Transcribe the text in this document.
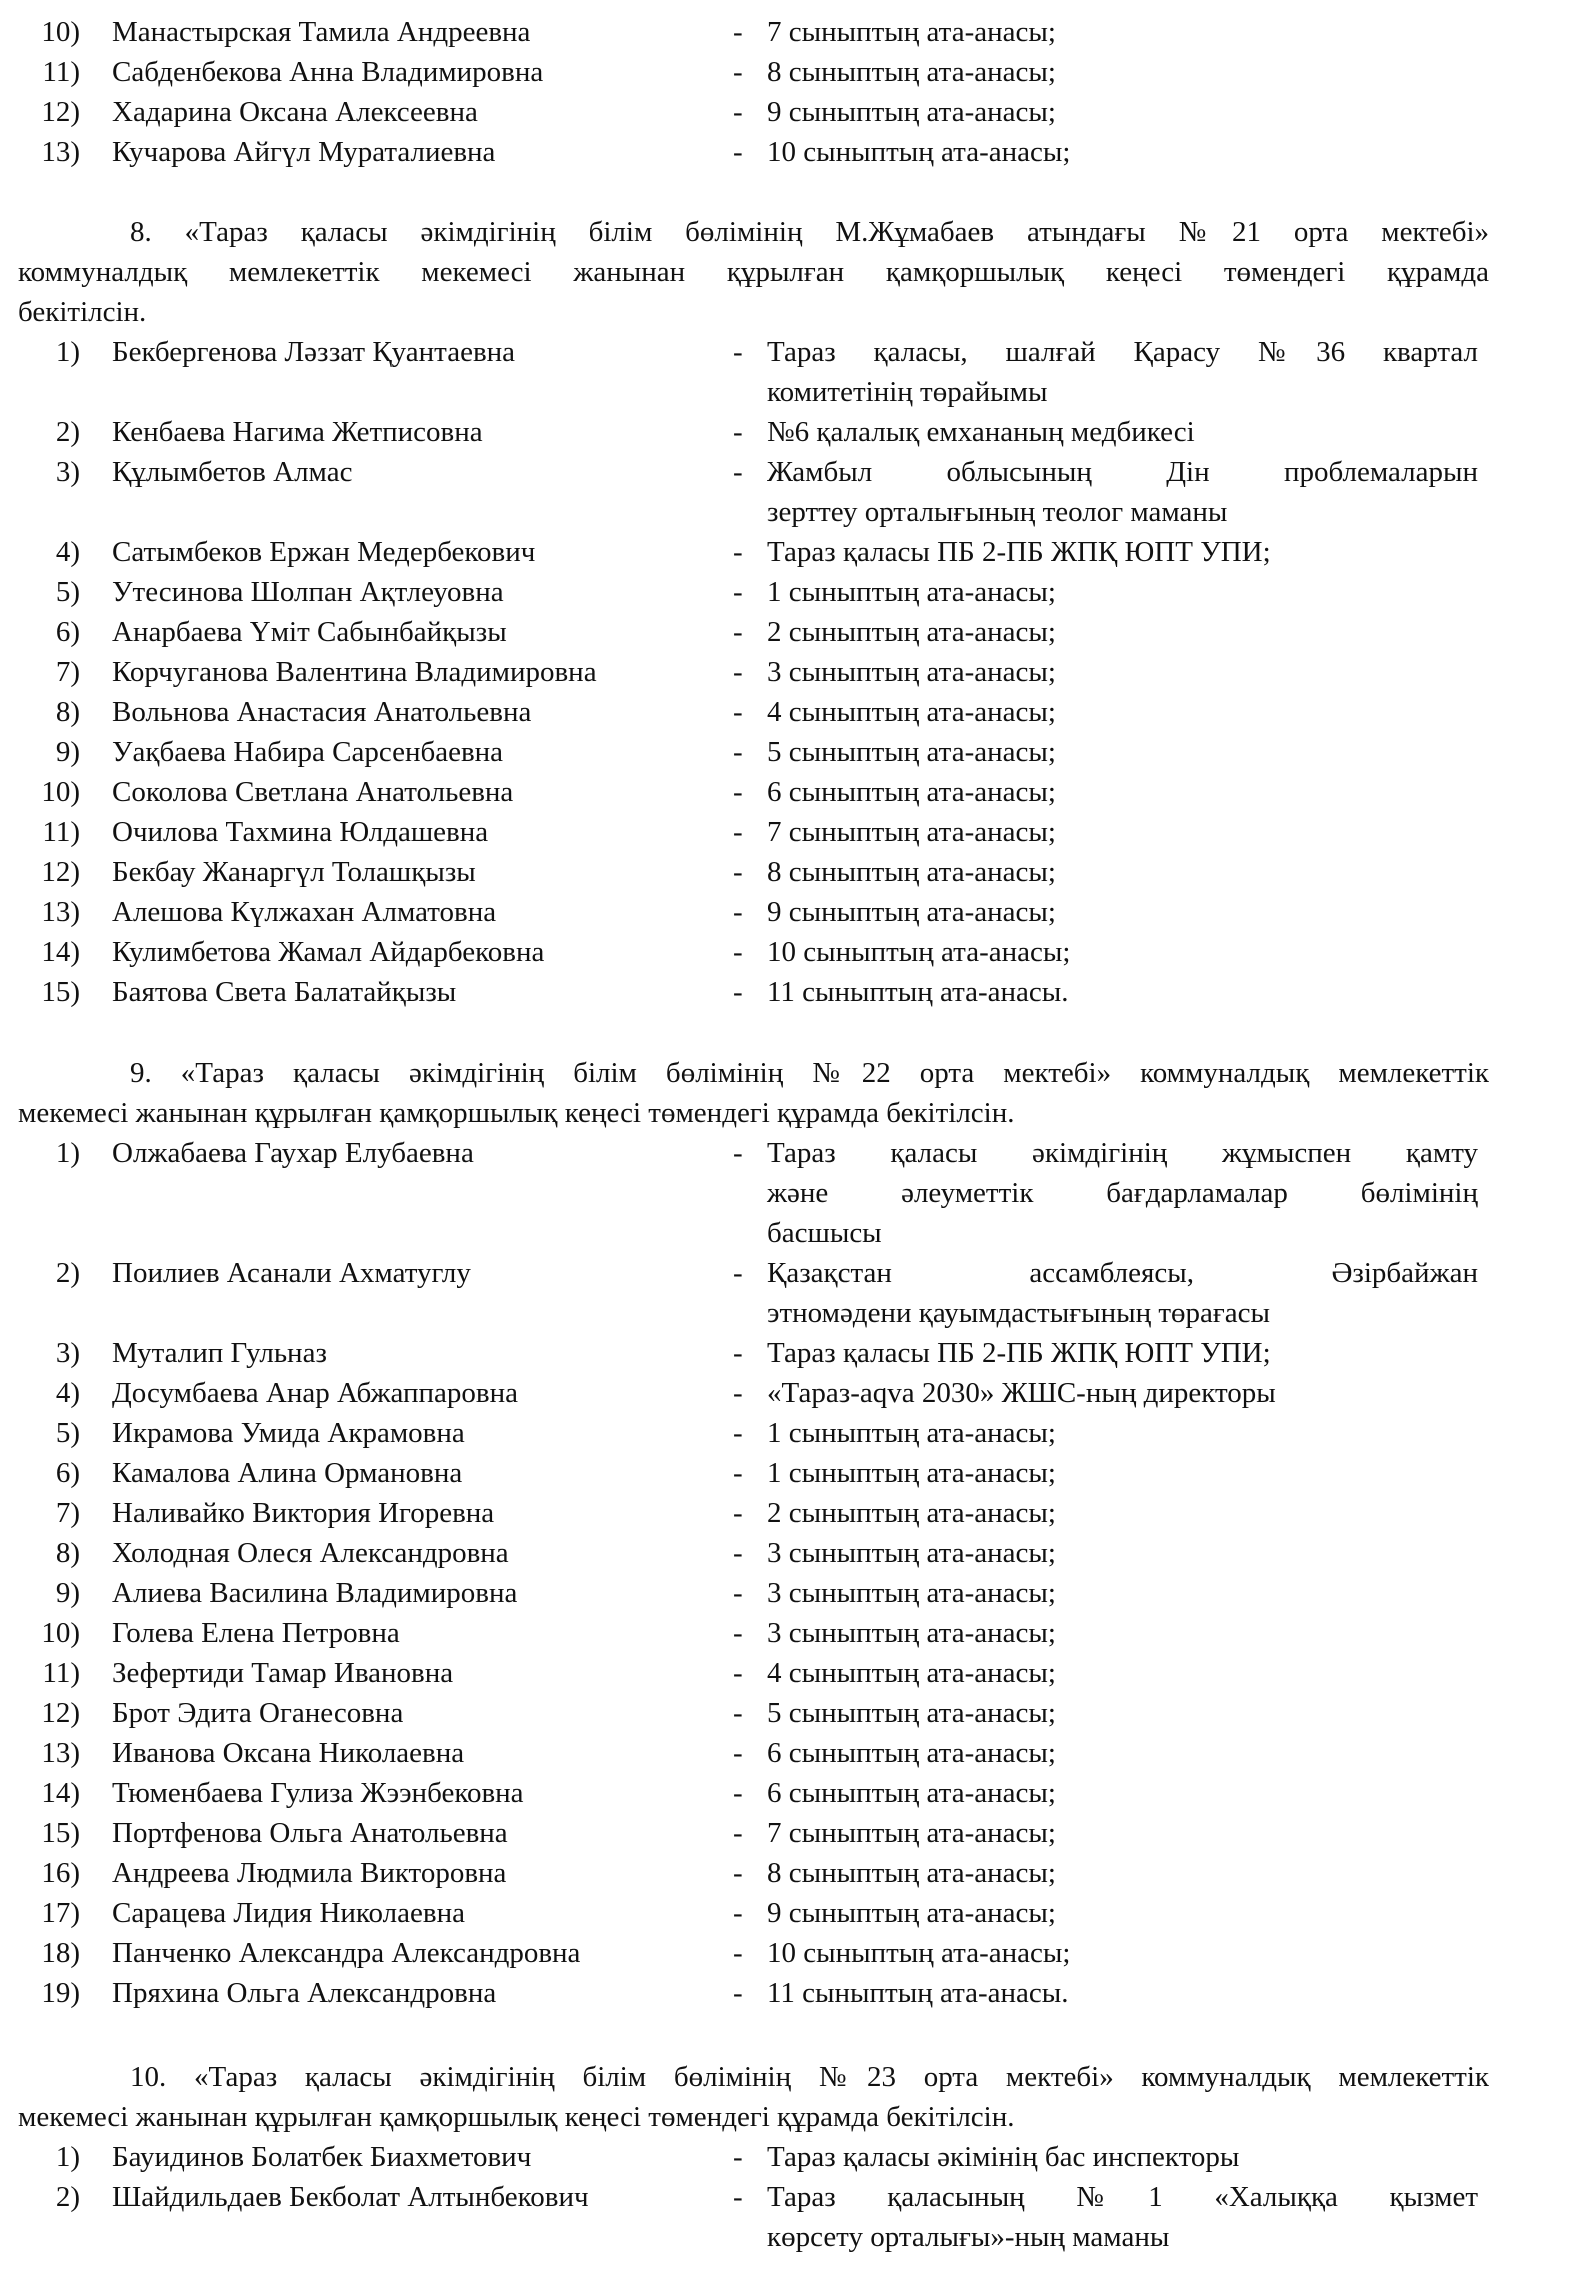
10) Манастырская Тамила Андреевна	- 7 сыныптың ата-анасы;
11) Сабденбекова Анна Владимировна	- 8 сыныптың ата-анасы;
12) Хадарина Оксана Алексеевна	- 9 сыныптың ата-анасы;
13) Кучарова Айгүл Мураталиевна	- 10 сыныптың ата-анасы;
8. «Тараз қаласы әкімдігінің білім бөлімінің М.Жұмабаев атындағы №21 орта мектебі»
коммуналдық мемлекеттік мекемесі жанынан құрылған қамқоршылық кеңесі төмендегі құрамда
бекітілсін.
1) Бекбергенова Ләззат Қуантаевна	- Тараз қаласы, шалғай Қарасу №36 квартал
комитетінің төрайымы
2) Кенбаева Нагима Жетписовна	- №6 қалалық емхананың медбикесі
3) Құлымбетов Алмас	- Жамбыл облысының Дін проблемаларын
зерттеу орталығының теолог маманы
4) Сатымбеков Ержан Медербекович	- Тараз қаласы ПБ 2-ПБ ЖПҚ ЮПТ УПИ;
5) Утесинова Шолпан Ақтлеуовна	- 1 сыныптың ата-анасы;
6) Анарбаева Үміт Сабынбайқызы	- 2 сыныптың ата-анасы;
7) Корчуганова Валентина Владимировна	- 3 сыныптың ата-анасы;
8) Вольнова Анастасия Анатольевна	- 4 сыныптың ата-анасы;
9) Уақбаева Набира Сарсенбаевна	- 5 сыныптың ата-анасы;
10) Соколова Светлана Анатольевна	- 6 сыныптың ата-анасы;
11) Очилова Тахмина Юлдашевна	- 7 сыныптың ата-анасы;
12) Бекбау Жанаргүл Толашқызы	- 8 сыныптың ата-анасы;
13) Алешова Күлжахан Алматовна	- 9 сыныптың ата-анасы;
14) Кулимбетова Жамал Айдарбековна	- 10 сыныптың ата-анасы;
15) Баятова Света Балатайқызы	- 11 сыныптың ата-анасы.
9. «Тараз қаласы әкімдігінің білім бөлімінің №22 орта мектебі» коммуналдық мемлекеттік
мекемесі жанынан құрылған қамқоршылық кеңесі төмендегі құрамда бекітілсін.
1) Олжабаева Гаухар Елубаевна	- Тараз қаласы әкімдігінің жұмыспен қамту
және әлеуметтік бағдарламалар бөлімінің
басшысы
2) Поилиев Асанали Ахматуглу	- Қазақстан ассамблеясы, Әзірбайжан
этномәдени қауымдастығының төрағасы
3) Муталип Гульназ	- Тараз қаласы ПБ 2-ПБ ЖПҚ ЮПТ УПИ;
4) Досумбаева Анар Абжаппаровна	- «Тараз-aqva 2030» ЖШС-ның директоры
5) Икрамова Умида Акрамовна	- 1 сыныптың ата-анасы;
6) Камалова Алина Ормановна	- 1 сыныптың ата-анасы;
7) Наливайко Виктория Игоревна	- 2 сыныптың ата-анасы;
8) Холодная Олеся Александровна	- 3 сыныптың ата-анасы;
9) Алиева Василина Владимировна	- 3 сыныптың ата-анасы;
10) Голева Елена Петровна	- 3 сыныптың ата-анасы;
11) Зефертиди Тамар Ивановна	- 4 сыныптың ата-анасы;
12) Брот Эдита Оганесовна	- 5 сыныптың ата-анасы;
13) Иванова Оксана Николаевна	- 6 сыныптың ата-анасы;
14) Тюменбаева Гулиза Жээнбековна	- 6 сыныптың ата-анасы;
15) Портфенова Ольга Анатольевна	- 7 сыныптың ата-анасы;
16) Андреева Людмила Викторовна	- 8 сыныптың ата-анасы;
17) Сарацева Лидия Николаевна	- 9 сыныптың ата-анасы;
18) Панченко Александра Александровна	- 10 сыныптың ата-анасы;
19) Пряхина Ольга Александровна	- 11 сыныптың ата-анасы.
10. «Тараз қаласы әкімдігінің білім бөлімінің №23 орта мектебі» коммуналдық мемлекеттік
мекемесі жанынан құрылған қамқоршылық кеңесі төмендегі құрамда бекітілсін.
1) Бауидинов Болатбек Биахметович	- Тараз қаласы әкімінің бас инспекторы
2) Шайдильдаев Бекболат Алтынбекович	- Тараз қаласының №1 «Халыққа қызмет
көрсету орталығы»-ның маманы
